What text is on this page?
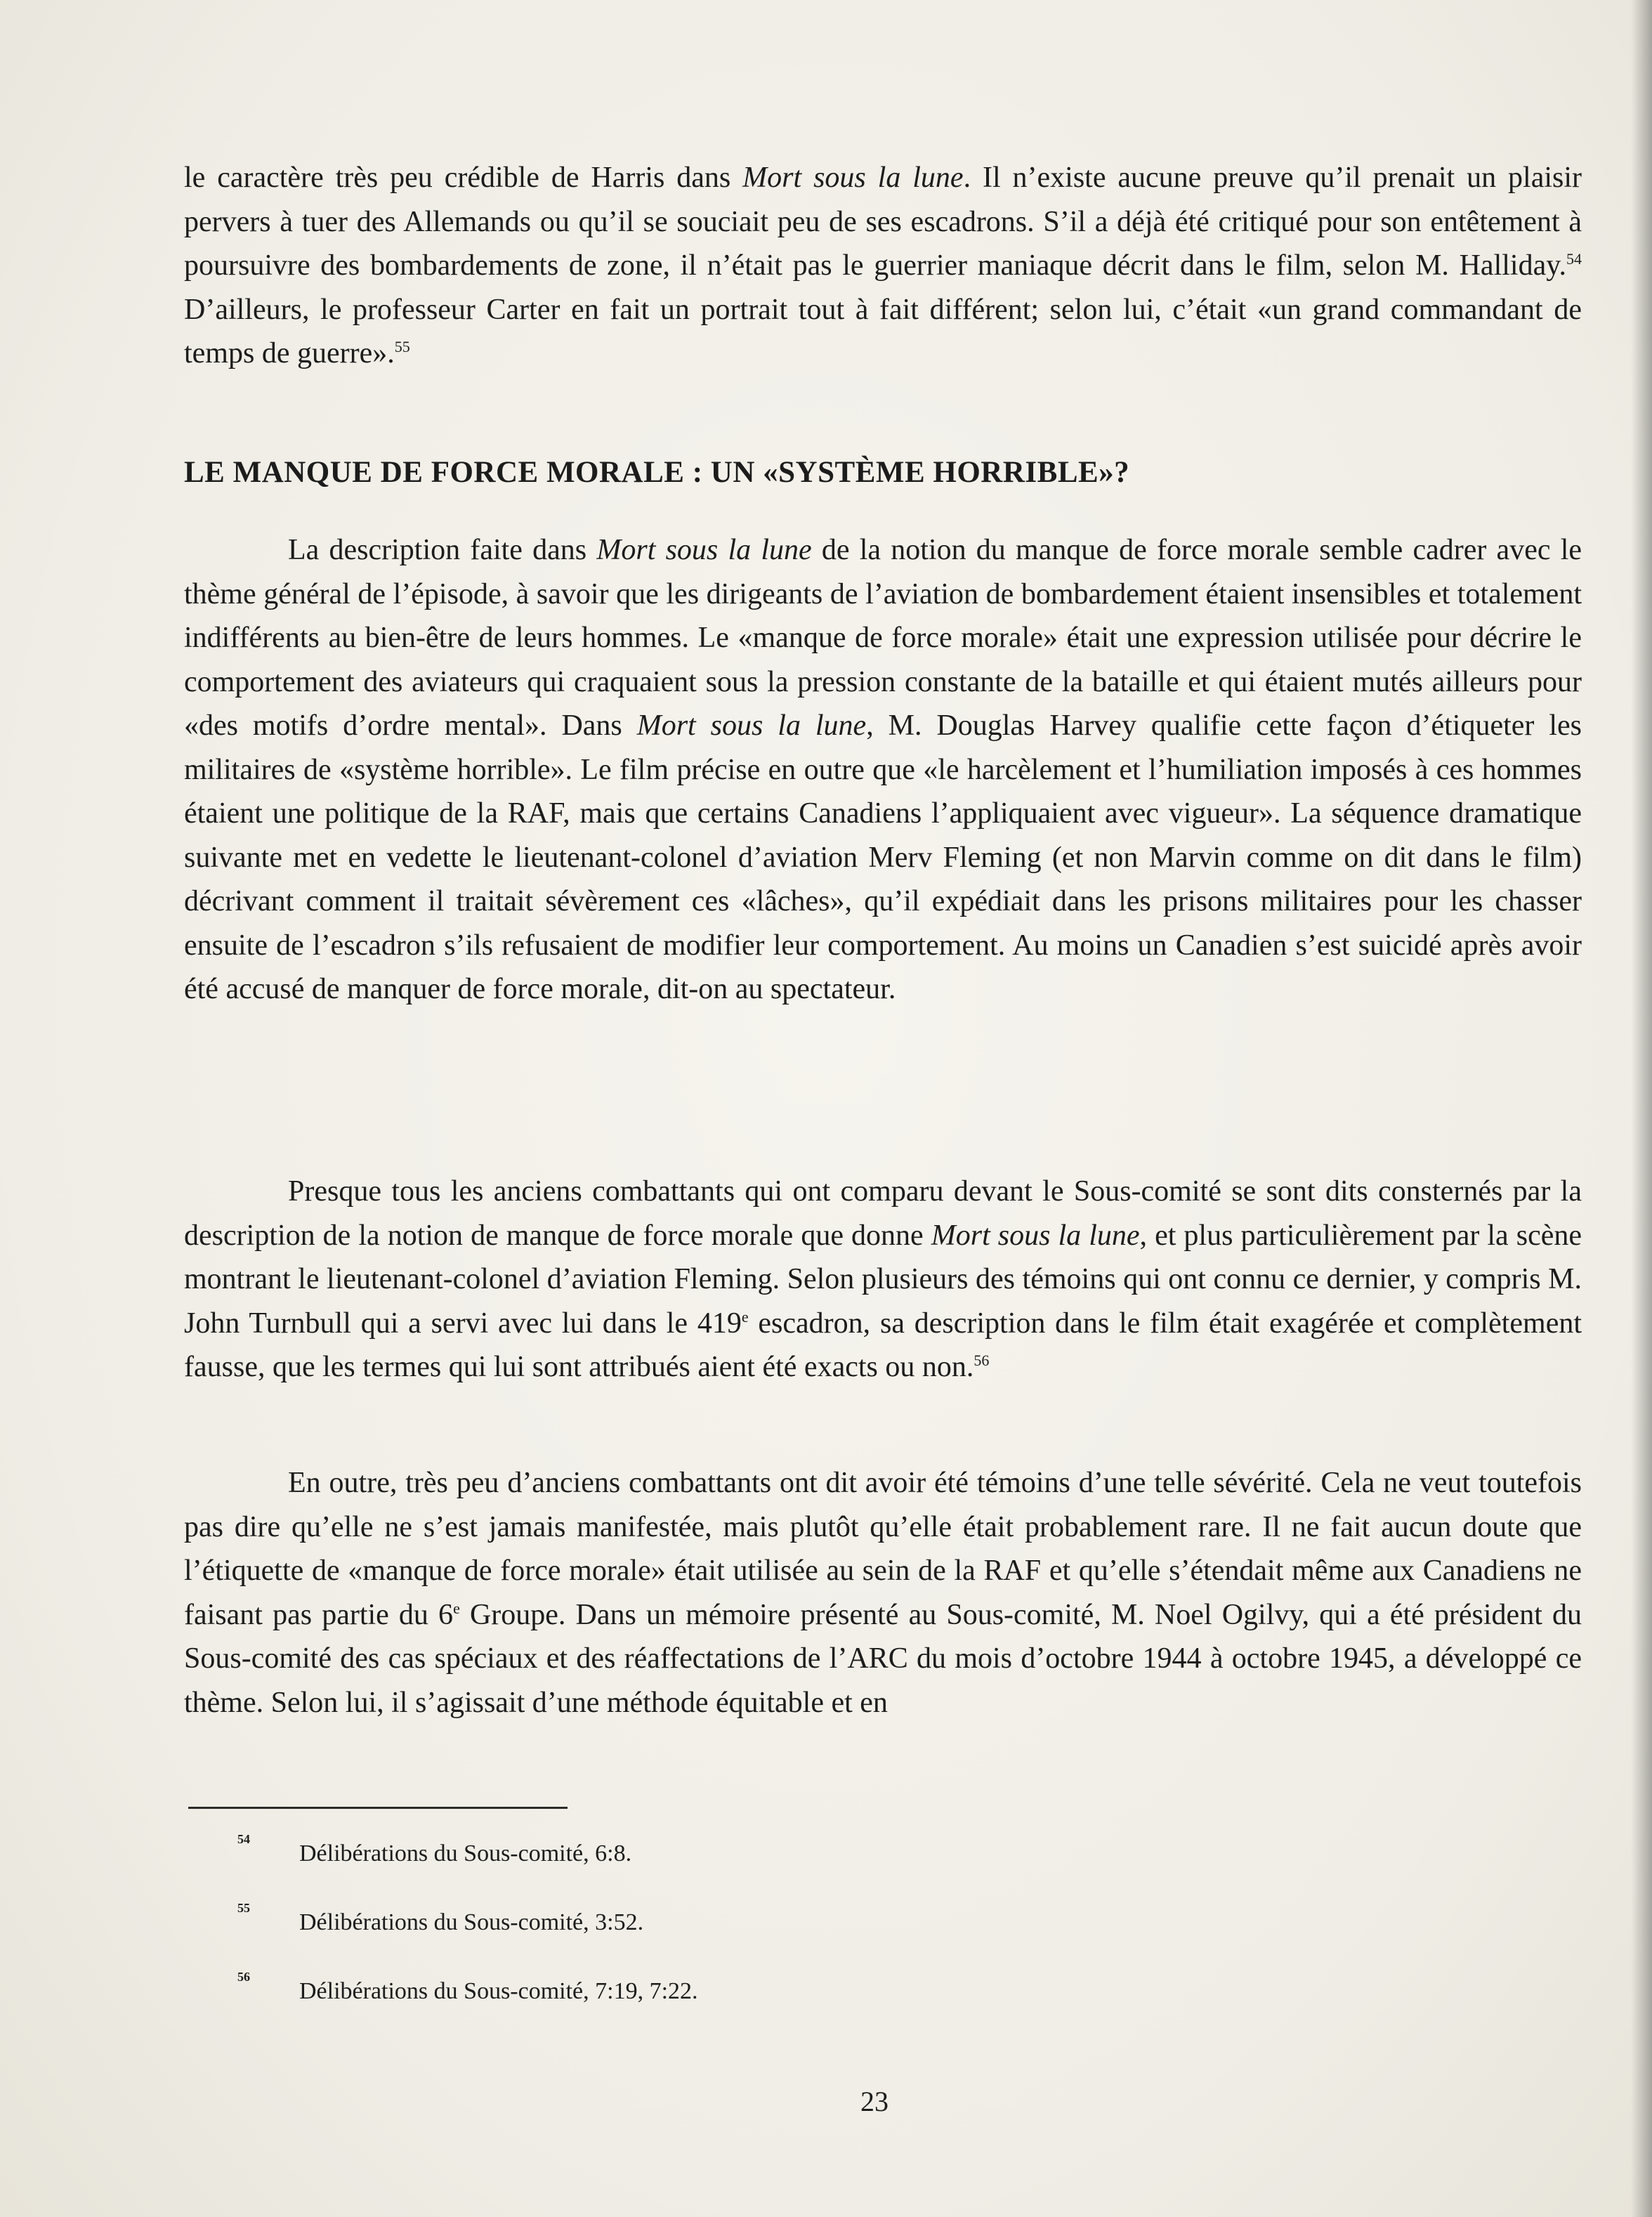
le caractère très peu crédible de Harris dans Mort sous la lune. Il n’existe aucune preuve qu’il prenait un plaisir pervers à tuer des Allemands ou qu’il se souciait peu de ses escadrons. S’il a déjà été critiqué pour son entêtement à poursuivre des bombardements de zone, il n’était pas le guerrier maniaque décrit dans le film, selon M. Halliday.$^{54}$ D’ailleurs, le professeur Carter en fait un portrait tout à fait différent; selon lui, c’était «un grand commandant de temps de guerre».$^{55}$

LE MANQUE DE FORCE MORALE : UN «SYSTÈME HORRIBLE»?

La description faite dans Mort sous la lune de la notion du manque de force morale semble cadrer avec le thème général de l’épisode, à savoir que les dirigeants de l’aviation de bombardement étaient insensibles et totalement indifférents au bien-être de leurs hommes. Le «manque de force morale» était une expression utilisée pour décrire le comportement des aviateurs qui craquaient sous la pression constante de la bataille et qui étaient mutés ailleurs pour «des motifs d’ordre mental». Dans Mort sous la lune, M. Douglas Harvey qualifie cette façon d’étiqueter les militaires de «système horrible». Le film précise en outre que «le harcèlement et l’humiliation imposés à ces hommes étaient une politique de la RAF, mais que certains Canadiens l’appliquaient avec vigueur». La séquence dramatique suivante met en vedette le lieutenant-colonel d’aviation Merv Fleming (et non Marvin comme on dit dans le film) décrivant comment il traitait sévèrement ces «lâches», qu’il expédiait dans les prisons militaires pour les chasser ensuite de l’escadron s’ils refusaient de modifier leur comportement. Au moins un Canadien s’est suicidé après avoir été accusé de manquer de force morale, dit-on au spectateur.

Presque tous les anciens combattants qui ont comparu devant le Sous-comité se sont dits consternés par la description de la notion de manque de force morale que donne Mort sous la lune, et plus particulièrement par la scène montrant le lieutenant-colonel d’aviation Fleming. Selon plusieurs des témoins qui ont connu ce dernier, y compris M. John Turnbull qui a servi avec lui dans le 419e escadron, sa description dans le film était exagérée et complètement fausse, que les termes qui lui sont attribués aient été exacts ou non.$^{56}$

En outre, très peu d’anciens combattants ont dit avoir été témoins d’une telle sévérité. Cela ne veut toutefois pas dire qu’elle ne s’est jamais manifestée, mais plutôt qu’elle était probablement rare. Il ne fait aucun doute que l’étiquette de «manque de force morale» était utilisée au sein de la RAF et qu’elle s’étendait même aux Canadiens ne faisant pas partie du 6e Groupe. Dans un mémoire présenté au Sous-comité, M. Noel Ogilvy, qui a été président du Sous-comité des cas spéciaux et des réaffectations de l’ARC du mois d’octobre 1944 à octobre 1945, a développé ce thème. Selon lui, il s’agissait d’une méthode équitable et en

54
Délibérations du Sous-comité, 6:8.
55
Délibérations du Sous-comité, 3:52.
56
Délibérations du Sous-comité, 7:19, 7:22.
23
